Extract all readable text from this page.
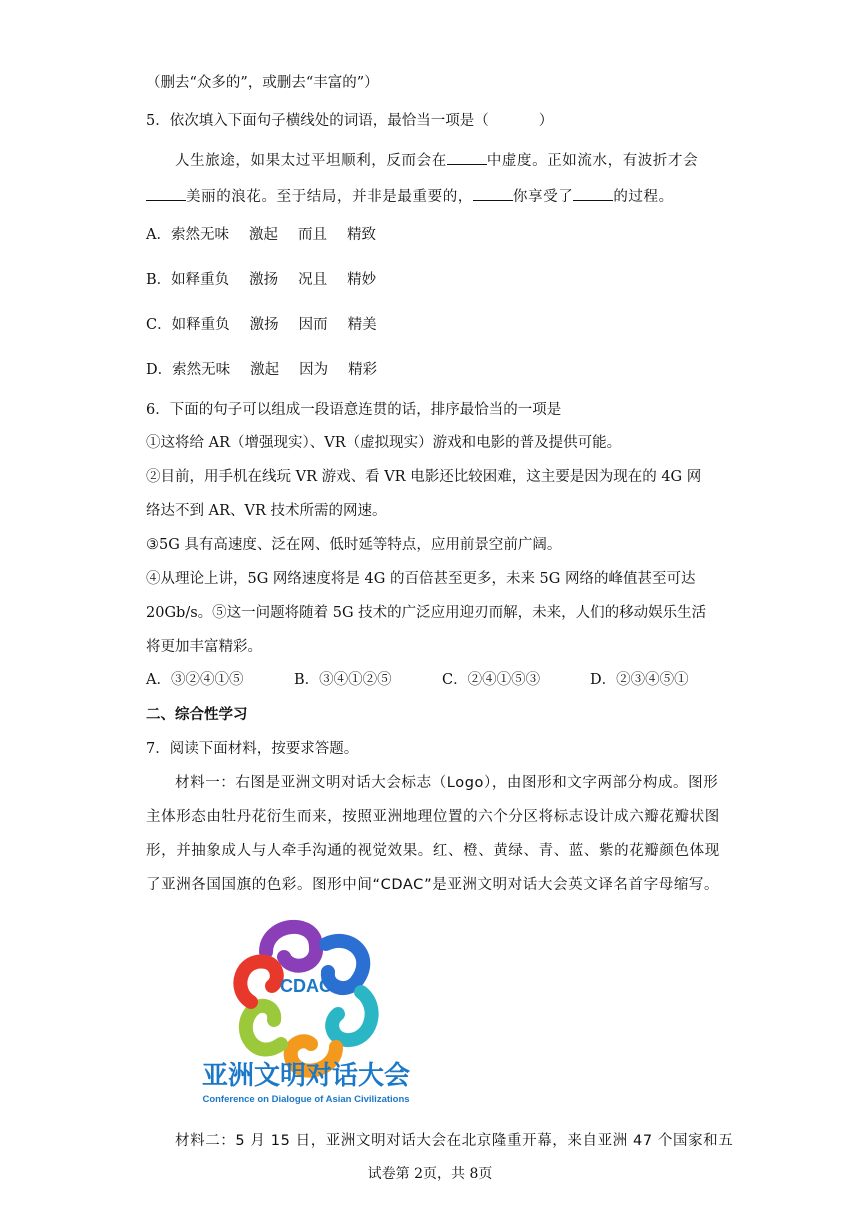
（删去“众多的”，或删去“丰富的”）
5．依次填入下面句子横线处的词语，最恰当一项是（	）
人生旅途，如果太过平坦顺利，反而会在	中虚度。正如流水，有波折才会
美丽的浪花。至于结局，并非是最重要的，	你享受了	的过程。
A．索然无味 激起 而且 精致
B．如释重负 激扬 况且 精妙
C．如释重负 激扬 因而 精美
D．索然无味 激起 因为 精彩
6．下面的句子可以组成一段语意连贯的话，排序最恰当的一项是
①这将给 AR（增强现实）、VR（虚拟现实）游戏和电影的普及提供可能。
②目前，用手机在线玩 VR 游戏、看 VR 电影还比较困难，这主要是因为现在的 4G 网
络达不到 AR、VR 技术所需的网速。
③5G 具有高速度、泛在网、低时延等特点，应用前景空前广阔。
④从理论上讲，5G 网络速度将是 4G 的百倍甚至更多，未来 5G 网络的峰值甚至可达
20Gb/s。⑤这一问题将随着 5G 技术的广泛应用迎刃而解，未来，人们的移动娱乐生活
将更加丰富精彩。
A．③②④①⑤	B．③④①②⑤	C．②④①⑤③	D．②③④⑤①
二、综合性学习
7．阅读下面材料，按要求答题。
材料一：右图是亚洲文明对话大会标志（Logo），由图形和文字两部分构成。图形
主体形态由牡丹花衍生而来，按照亚洲地理位置的六个分区将标志设计成六瓣花瓣状图
形，并抽象成人与人牵手沟通的视觉效果。红、橙、黄绿、青、蓝、紫的花瓣颜色体现
了亚洲各国国旗的色彩。图形中间“CDAC”是亚洲文明对话大会英文译名首字母缩写。
CDAC
亚洲文明对话大会
Conference on Dialogue of Asian Civilizations
材料二：5 月 15 日，亚洲文明对话大会在北京隆重开幕，来自亚洲 47 个国家和五
试卷第 2页，共 8页
